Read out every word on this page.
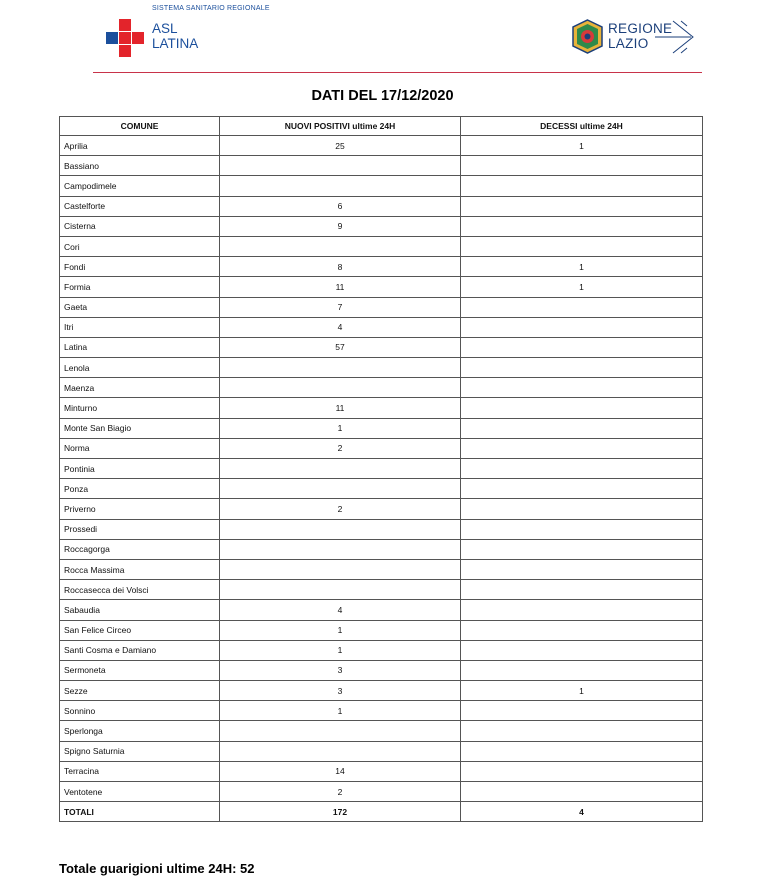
SISTEMA SANITARIO REGIONALE
ASL
LATINA
REGIONE
LAZIO
DATI DEL 17/12/2020
COMUNE	NUOVI POSITIVI ultime 24H	DECESSI ultime 24H
Aprilia	25	1
Bassiano		
Campodimele		
Castelforte	6	
Cisterna	9	
Cori		
Fondi	8	1
Formia	11	1
Gaeta	7	
Itri	4	
Latina	57	
Lenola		
Maenza		
Minturno	11	
Monte San Biagio	1	
Norma	2	
Pontinia		
Ponza		
Priverno	2	
Prossedi		
Roccagorga		
Rocca Massima		
Roccasecca dei Volsci		
Sabaudia	4	
San Felice Circeo	1	
Santi Cosma e Damiano	1	
Sermoneta	3	
Sezze	3	1
Sonnino	1	
Sperlonga		
Spigno Saturnia		
Terracina	14	
Ventotene	2	
TOTALI	172	4
Totale guarigioni ultime 24H: 52
